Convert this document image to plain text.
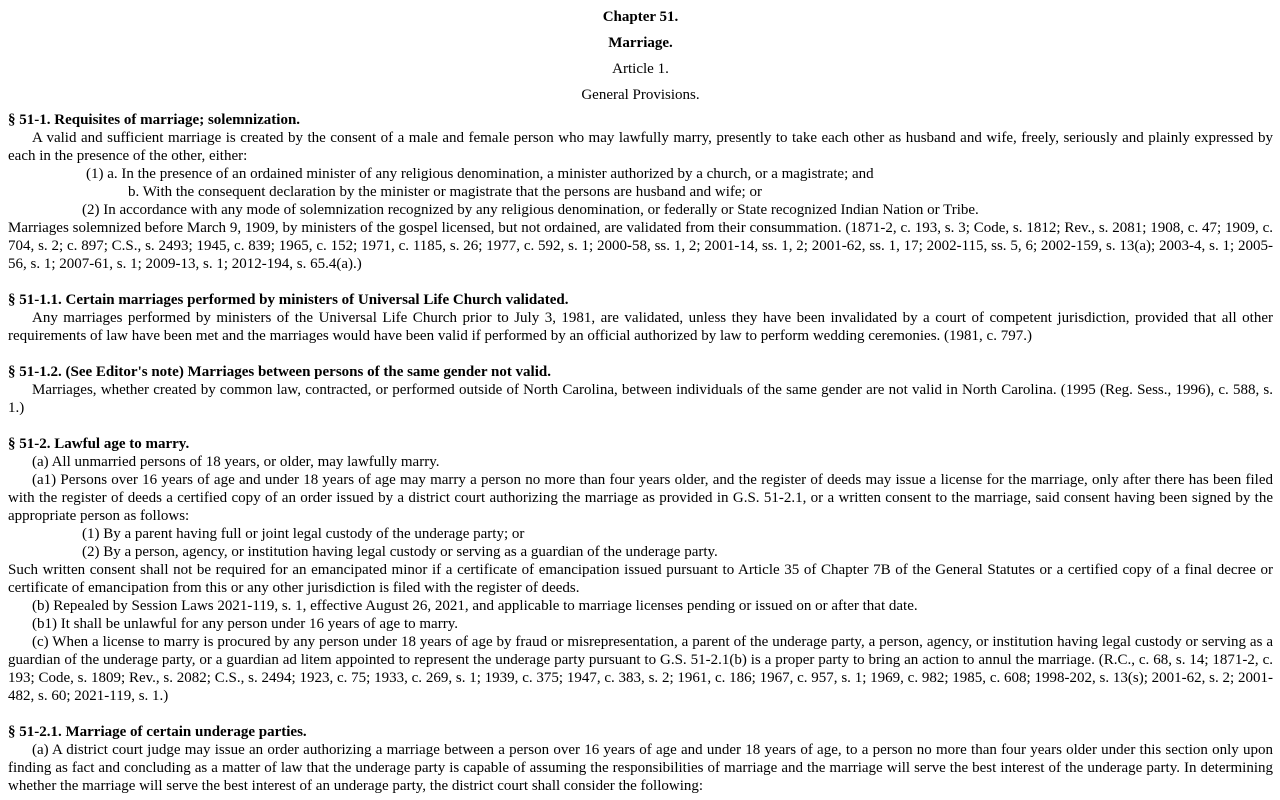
Chapter 51.
Marriage.
Article 1.
General Provisions.
§ 51-1. Requisites of marriage; solemnization.
A valid and sufficient marriage is created by the consent of a male and female person who may lawfully marry, presently to take each other as husband and wife, freely, seriously and plainly expressed by each in the presence of the other, either:
(1) a. In the presence of an ordained minister of any religious denomination, a minister authorized by a church, or a magistrate; and
b. With the consequent declaration by the minister or magistrate that the persons are husband and wife; or
(2) In accordance with any mode of solemnization recognized by any religious denomination, or federally or State recognized Indian Nation or Tribe.
Marriages solemnized before March 9, 1909, by ministers of the gospel licensed, but not ordained, are validated from their consummation. (1871-2, c. 193, s. 3; Code, s. 1812; Rev., s. 2081; 1908, c. 47; 1909, c. 704, s. 2; c. 897; C.S., s. 2493; 1945, c. 839; 1965, c. 152; 1971, c. 1185, s. 26; 1977, c. 592, s. 1; 2000-58, ss. 1, 2; 2001-14, ss. 1, 2; 2001-62, ss. 1, 17; 2002-115, ss. 5, 6; 2002-159, s. 13(a); 2003-4, s. 1; 2005-56, s. 1; 2007-61, s. 1; 2009-13, s. 1; 2012-194, s. 65.4(a).)
§ 51-1.1. Certain marriages performed by ministers of Universal Life Church validated.
Any marriages performed by ministers of the Universal Life Church prior to July 3, 1981, are validated, unless they have been invalidated by a court of competent jurisdiction, provided that all other requirements of law have been met and the marriages would have been valid if performed by an official authorized by law to perform wedding ceremonies. (1981, c. 797.)
§ 51-1.2. (See Editor's note) Marriages between persons of the same gender not valid.
Marriages, whether created by common law, contracted, or performed outside of North Carolina, between individuals of the same gender are not valid in North Carolina. (1995 (Reg. Sess., 1996), c. 588, s. 1.)
§ 51-2. Lawful age to marry.
(a) All unmarried persons of 18 years, or older, may lawfully marry.
(a1) Persons over 16 years of age and under 18 years of age may marry a person no more than four years older, and the register of deeds may issue a license for the marriage, only after there has been filed with the register of deeds a certified copy of an order issued by a district court authorizing the marriage as provided in G.S. 51-2.1, or a written consent to the marriage, said consent having been signed by the appropriate person as follows:
(1) By a parent having full or joint legal custody of the underage party; or
(2) By a person, agency, or institution having legal custody or serving as a guardian of the underage party.
Such written consent shall not be required for an emancipated minor if a certificate of emancipation issued pursuant to Article 35 of Chapter 7B of the General Statutes or a certified copy of a final decree or certificate of emancipation from this or any other jurisdiction is filed with the register of deeds.
(b) Repealed by Session Laws 2021-119, s. 1, effective August 26, 2021, and applicable to marriage licenses pending or issued on or after that date.
(b1) It shall be unlawful for any person under 16 years of age to marry.
(c) When a license to marry is procured by any person under 18 years of age by fraud or misrepresentation, a parent of the underage party, a person, agency, or institution having legal custody or serving as a guardian of the underage party, or a guardian ad litem appointed to represent the underage party pursuant to G.S. 51-2.1(b) is a proper party to bring an action to annul the marriage. (R.C., c. 68, s. 14; 1871-2, c. 193; Code, s. 1809; Rev., s. 2082; C.S., s. 2494; 1923, c. 75; 1933, c. 269, s. 1; 1939, c. 375; 1947, c. 383, s. 2; 1961, c. 186; 1967, c. 957, s. 1; 1969, c. 982; 1985, c. 608; 1998-202, s. 13(s); 2001-62, s. 2; 2001-482, s. 60; 2021-119, s. 1.)
§ 51-2.1. Marriage of certain underage parties.
(a) A district court judge may issue an order authorizing a marriage between a person over 16 years of age and under 18 years of age, to a person no more than four years older under this section only upon finding as fact and concluding as a matter of law that the underage party is capable of assuming the responsibilities of marriage and the marriage will serve the best interest of the underage party. In determining whether the marriage will serve the best interest of an underage party, the district court shall consider the following:
